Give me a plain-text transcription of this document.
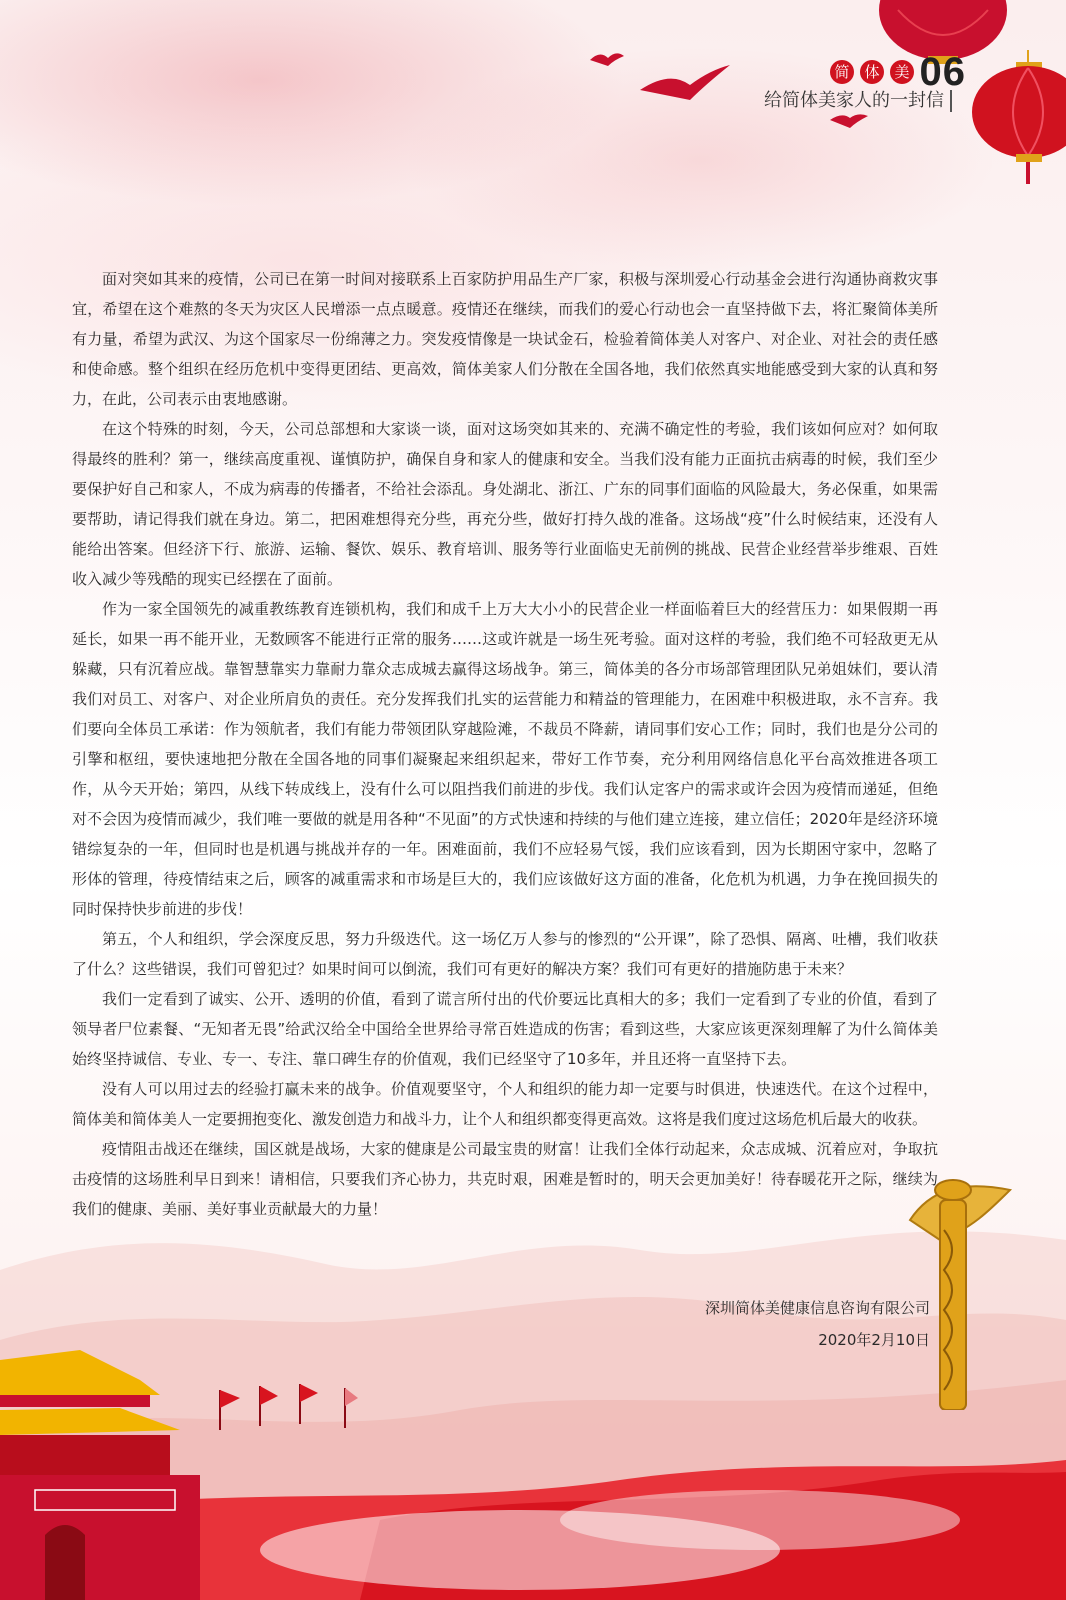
简 体 美 06
给简体美家人的一封信

面对突如其来的疫情，公司已在第一时间对接联系上百家防护用品生产厂家，积极与深圳爱心行动基金会进行沟通协商救灾事宜，希望在这个难熬的冬天为灾区人民增添一点点暖意。疫情还在继续，而我们的爱心行动也会一直坚持做下去，将汇聚简体美所有力量，希望为武汉、为这个国家尽一份绵薄之力。突发疫情像是一块试金石，检验着简体美人对客户、对企业、对社会的责任感和使命感。整个组织在经历危机中变得更团结、更高效，简体美家人们分散在全国各地，我们依然真实地能感受到大家的认真和努力，在此，公司表示由衷地感谢。

在这个特殊的时刻，今天，公司总部想和大家谈一谈，面对这场突如其来的、充满不确定性的考验，我们该如何应对？如何取得最终的胜利？第一，继续高度重视、谨慎防护，确保自身和家人的健康和安全。当我们没有能力正面抗击病毒的时候，我们至少要保护好自己和家人，不成为病毒的传播者，不给社会添乱。身处湖北、浙江、广东的同事们面临的风险最大，务必保重，如果需要帮助，请记得我们就在身边。第二，把困难想得充分些，再充分些，做好打持久战的准备。这场战“疫”什么时候结束，还没有人能给出答案。但经济下行、旅游、运输、餐饮、娱乐、教育培训、服务等行业面临史无前例的挑战、民营企业经营举步维艰、百姓收入减少等残酷的现实已经摆在了面前。

作为一家全国领先的减重教练教育连锁机构，我们和成千上万大大小小的民营企业一样面临着巨大的经营压力：如果假期一再延长，如果一再不能开业，无数顾客不能进行正常的服务……这或许就是一场生死考验。面对这样的考验，我们绝不可轻敌更无从躲藏，只有沉着应战。靠智慧靠实力靠耐力靠众志成城去赢得这场战争。第三，简体美的各分市场部管理团队兄弟姐妹们，要认清我们对员工、对客户、对企业所肩负的责任。充分发挥我们扎实的运营能力和精益的管理能力，在困难中积极进取，永不言弃。我们要向全体员工承诺：作为领航者，我们有能力带领团队穿越险滩，不裁员不降薪，请同事们安心工作；同时，我们也是分公司的引擎和枢纽，要快速地把分散在全国各地的同事们凝聚起来组织起来，带好工作节奏，充分利用网络信息化平台高效推进各项工作，从今天开始；第四，从线下转成线上，没有什么可以阻挡我们前进的步伐。我们认定客户的需求或许会因为疫情而递延，但绝对不会因为疫情而减少，我们唯一要做的就是用各种“不见面”的方式快速和持续的与他们建立连接，建立信任；2020年是经济环境错综复杂的一年，但同时也是机遇与挑战并存的一年。困难面前，我们不应轻易气馁，我们应该看到，因为长期困守家中，忽略了形体的管理，待疫情结束之后，顾客的减重需求和市场是巨大的，我们应该做好这方面的准备，化危机为机遇，力争在挽回损失的同时保持快步前进的步伐！

第五，个人和组织，学会深度反思，努力升级迭代。这一场亿万人参与的惨烈的“公开课”，除了恐惧、隔离、吐槽，我们收获了什么？这些错误，我们可曾犯过？如果时间可以倒流，我们可有更好的解决方案？我们可有更好的措施防患于未来？

我们一定看到了诚实、公开、透明的价值，看到了谎言所付出的代价要远比真相大的多；我们一定看到了专业的价值，看到了领导者尸位素餐、“无知者无畏”给武汉给全中国给全世界给寻常百姓造成的伤害；看到这些，大家应该更深刻理解了为什么简体美始终坚持诚信、专业、专一、专注、靠口碑生存的价值观，我们已经坚守了10多年，并且还将一直坚持下去。

没有人可以用过去的经验打赢未来的战争。价值观要坚守，个人和组织的能力却一定要与时俱进，快速迭代。在这个过程中，简体美和简体美人一定要拥抱变化、激发创造力和战斗力，让个人和组织都变得更高效。这将是我们度过这场危机后最大的收获。

疫情阻击战还在继续，国区就是战场，大家的健康是公司最宝贵的财富！让我们全体行动起来，众志成城、沉着应对，争取抗击疫情的这场胜利早日到来！请相信，只要我们齐心协力，共克时艰，困难是暂时的，明天会更加美好！待春暖花开之际，继续为我们的健康、美丽、美好事业贡献最大的力量！

深圳简体美健康信息咨询有限公司
2020年2月10日
